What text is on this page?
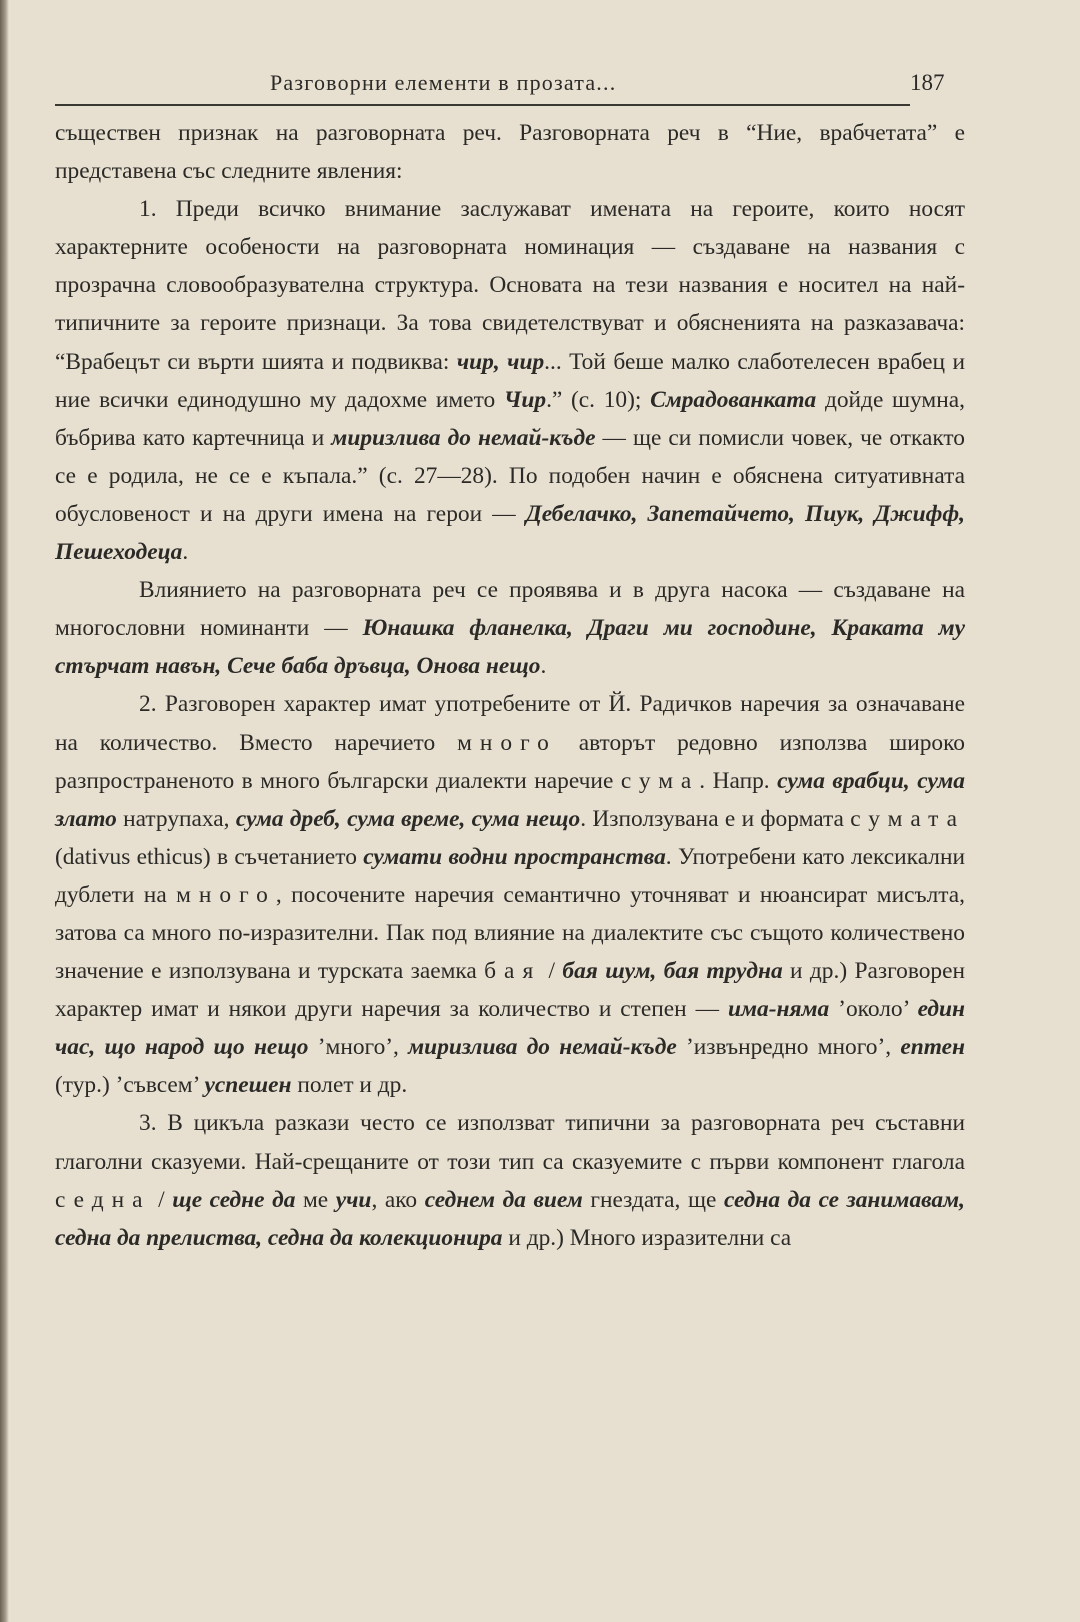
Разговорни елементи в прозата...	187

съществен признак на разговорната реч. Разговорната реч в “Ние, врабчетата” е представена със следните явления:

1. Преди всичко внимание заслужават имената на героите, които носят характерните особености на разговорната номинация — създаване на названия с прозрачна словообразувателна структура. Основата на тези названия е носител на най-типичните за героите признаци. За това свидетелствуват и обясненията на разказавача: “Врабецът си върти шията и подвиква: чир, чир... Той беше малко слаботелесен врабец и ние всички единодушно му дадохме името Чир.” (с. 10); Смрадованката дойде шумна, бъбрива като картечница и миризлива до немай-къде — ще си помисли човек, че откакто се е родила, не се е къпала.” (с. 27—28). По подобен начин е обяснена ситуативната обусловеност и на други имена на герои — Дебелачко, Запетайчето, Пиук, Джифф, Пешеходеца.

Влиянието на разговорната реч се проявява и в друга насока — създаване на многословни номинанти — Юнашка фланелка, Драги ми господине, Краката му стърчат навън, Сече баба дръвца, Онова нещо.

2. Разговорен характер имат употребените от Й. Радичков наречия за означаване на количество. Вместо наречието много авторът редовно използва широко разпространеното в много български диалекти наречие сума. Напр. сума врабци, сума злато натрупаха, сума дреб, сума време, сума нещо. Използувана е и формата сумата (dativus ethicus) в съчетанието сумати водни пространства. Употребени като лексикални дублети на много, посочените наречия семантично уточняват и нюансират мисълта, затова са много по-изразителни. Пак под влияние на диалектите със същото количествено значение е използувана и турската заемка бая / бая шум, бая трудна и др.) Разговорен характер имат и някои други наречия за количество и степен — има-няма ’около’ един час, що народ що нещо ’много’, миризлива до немай-къде ’извънредно много’, ептен (тур.) ’съвсем’ успешен полет и др.

3. В цикъла разкази често се използват типични за разговорната реч съставни глаголни сказуеми. Най-срещаните от този тип са сказуемите с първи компонент глагола седна / ще седне да ме учи, ако седнем да вием гнездата, ще седна да се занимавам, седна да прелиства, седна да колекционира и др.) Много изразителни са
